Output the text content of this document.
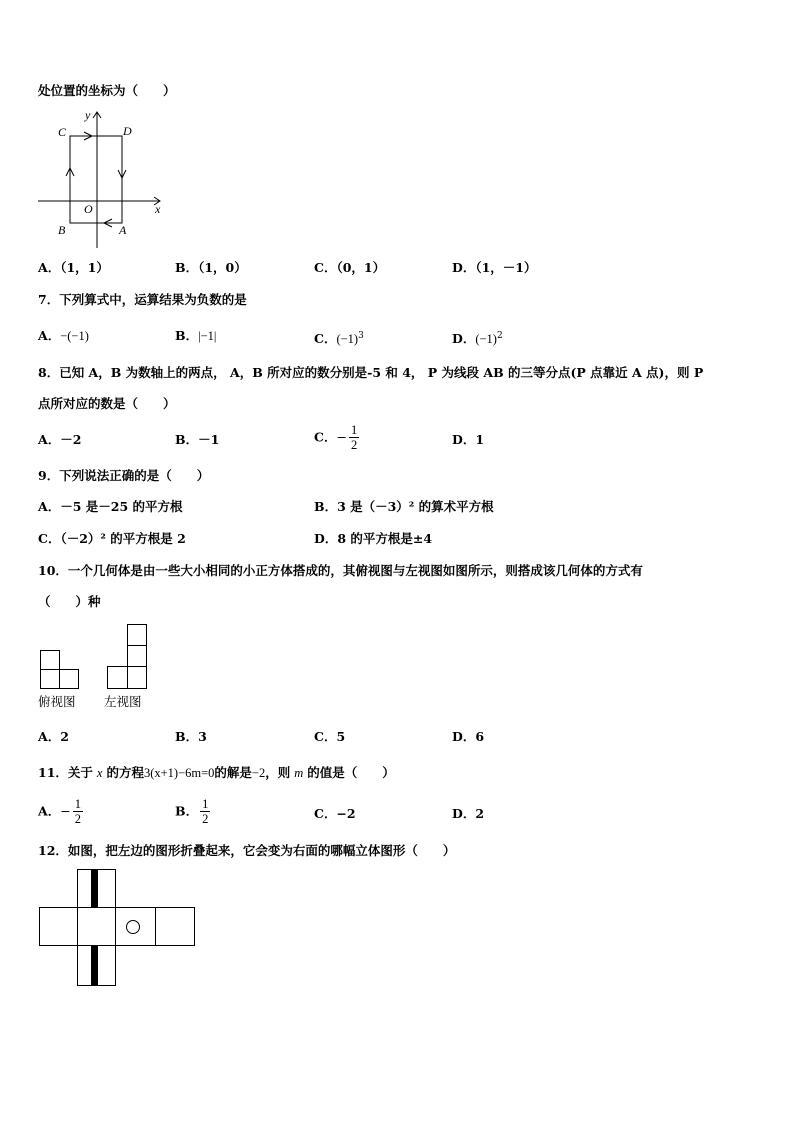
处位置的坐标为（　　）
C	D
B	A
O	x
y
A．（1，1）	B．（1，0）	C．（0，1）	D．（1，－1）
7．下列算式中，运算结果为负数的是
A．−(−1)	B．|−1|	C．$(-1)^3$	D．$(-1)^2$
8．已知 A，B 为数轴上的两点， A，B 所对应的数分别是-5 和 4， P 为线段 AB 的三等分点(P 点靠近 A 点)，则 P
点所对应的数是（　　）
A．－2	B．－1	C．− $\frac{1}{2}$	D．1
9．下列说法正确的是（　　）
A．－5 是－25 的平方根	B．3 是（－3）² 的算术平方根
C．（－2）² 的平方根是 2	D．8 的平方根是±4
10．一个几何体是由一些大小相同的小正方体搭成的，其俯视图与左视图如图所示，则搭成该几何体的方式有
（　　）种
俯视图 左视图
A．2	B．3	C．5	D．6
11．关于 x 的方程3(x+1)−6m=0的解是−2，则 m 的值是（　　）
A．− $\frac{1}{2}$	B． $\frac{1}{2}$	C．−2	D．2
12．如图，把左边的图形折叠起来，它会变为右面的哪幅立体图形（　　）
